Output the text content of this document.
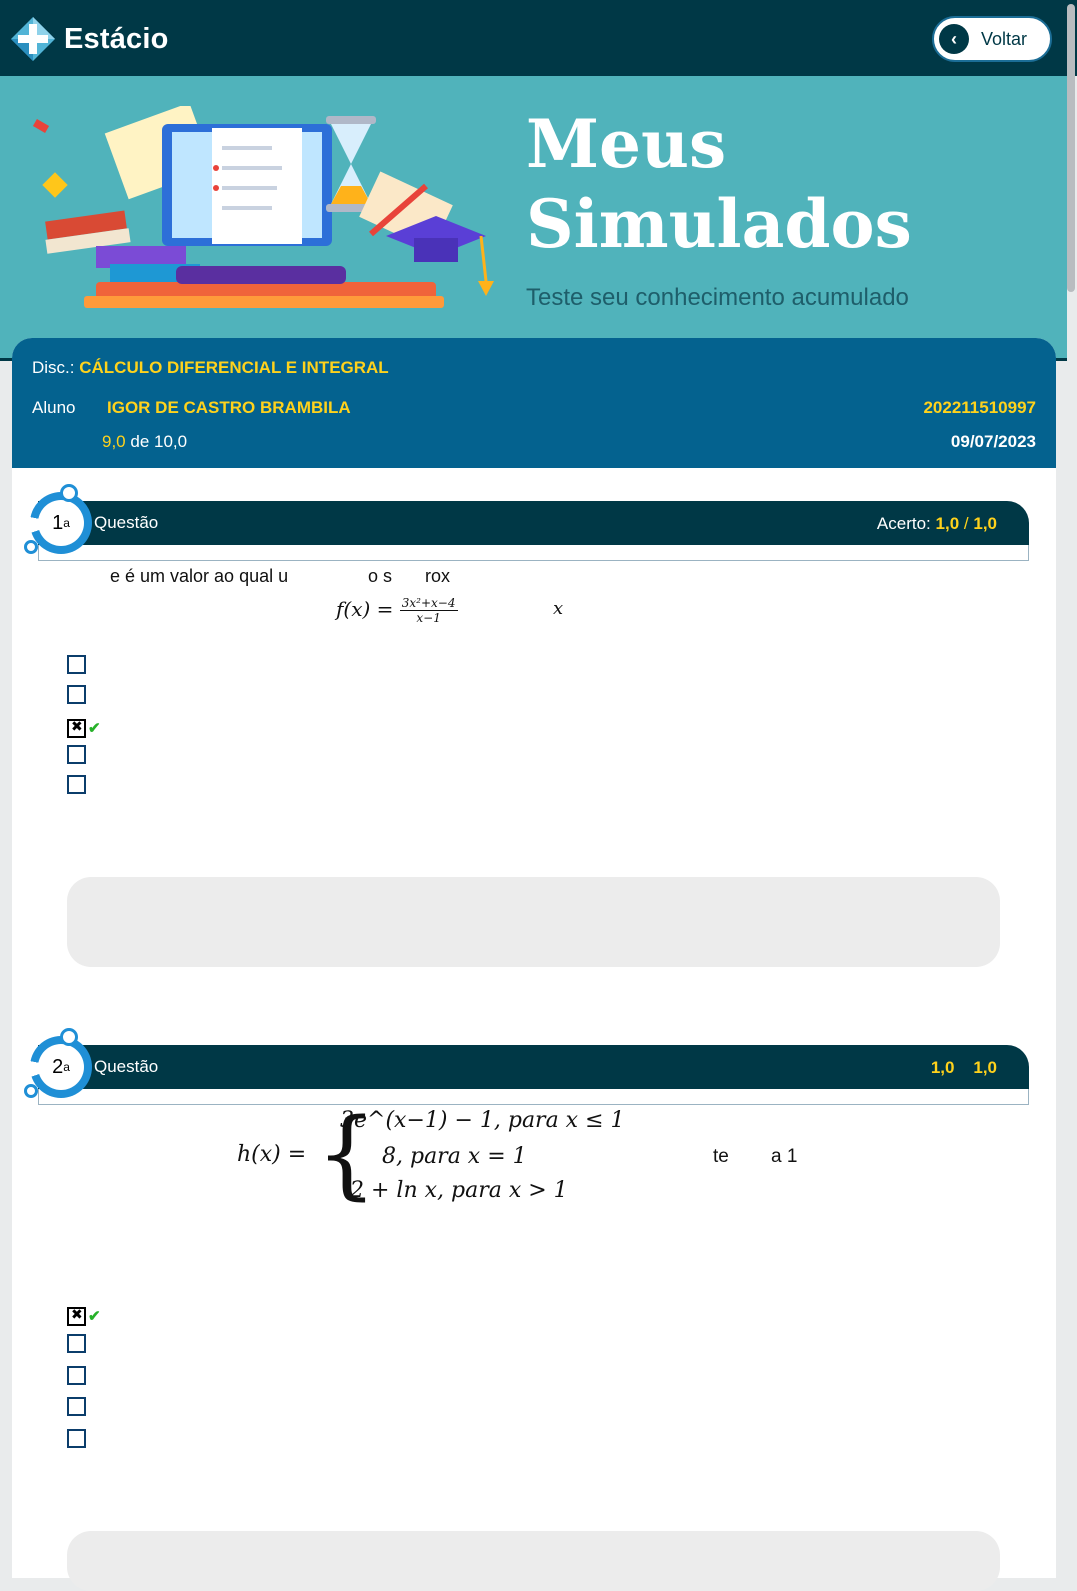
Estácio	‹	Voltar
Meus
Simulados
Teste seu conhecimento acumulado
Disc.: CÁLCULO DIFERENCIAL E INTEGRAL
Aluno IGOR DE CASTRO BRAMBILA	202211510997
9,0 de 10,0	09/07/2023
Questão	Acerto: 1,0 / 1,0
1 a
e é um valor ao qual u	o s rox
$f(x) = \frac{\text{3x²+x−4}}{x-1}$	x
✖
✔
Questão	1,0 1,0
2 a
h(x) = {
3e^(x−1) − 1, para x ≤ 1
8, para x = 1
2 + ln x, para x > 1
te a 1
✖
✔
